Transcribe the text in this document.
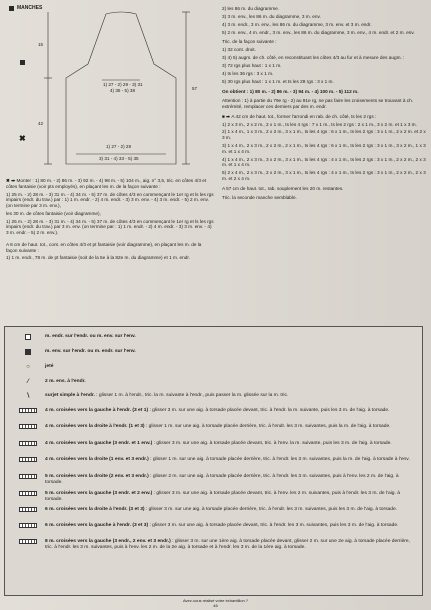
MANCHES
15
42
57
✖
1) 27 - 2) 29 - 3) 31
4) 35 - 5) 38
1) 27 - 2) 29
3) 31 - 4) 33 - 5) 35

✖ ➡ Monter : 1) 80 m. - 2) 86 m. - 3) 92 m. - 4) 98 m. - 5) 104 m., aig. n° 3,5, tric. en côtes 4/3 et côtes fantaisie (voir pts employés), en plaçant les m. de la façon suivante :

1) 25 m. - 2) 28 m. - 3) 31 m. - 4) 34 m. - 5) 37 m. de côtes 4/3 en commençant le 1er rg et ls les rgs impairs (endr. du trav.) par : 1) 1 m. endr. - 2) 4 m. endr. - 3) 3 m. env. - 4) 3 m. endr. - 5) 2 m. env. (on termine par 3 m. env.),

les 30 m. de côtes fantaisie (voir diagramme),

1) 25 m. - 2) 28 m. - 3) 31 m. - 4) 34 m. - 5) 37 m. de côtes 4/3 en commençant le 1er rg et ls les rgs impairs (endr. du trav.) par 3 m. env. (on termine par : 1) 1 m. endr. - 2) 4 m. endr. - 3) 3 m. env. - 4) 3 m. endr. - 5) 2 m. env.).

A 8 cm de haut. tot., cont. en côtes 4/3 et pt fantaisie (voir diagramme), en plaçant les m. de la façon suivante :

1) 1 m. endr., 78 m. de pt fantaisie (soit de la 5e à la 82e m. du diagramme) et 1 m. endr.

2) les 86 m. du diagramme.

3) 3 m. env., les 86 m. du diagramme, 3 m. env.

4) 3 m. endr., 3 m. env., les 86 m. du diagramme, 3 m. env. et 3 m. endr.

5) 2 m. env., 4 m. endr., 3 m. env., les 86 m. du diagramme, 3 m. env., 4 m. endr. et 2 m. env.

Tric. de la façon suivante :

1) 32 cont. droit.

3) 4) 5) augm. de ch. côté, en reconstituant les côtes 4/3 au fur et à mesure des augm. :

3) 72 rgs plus haut : 1 x 1 m.

4) ts les 36 rgs : 3 x 1 m.

5) 30 rgs plus haut : 1 x 1 m. et ts les 28 rgs : 3 x 1 m.

On obtient : 1) 80 m. - 2) 86 m. - 3) 94 m. - 4) 100 m. - 5) 112 m.

Attention : 1) à partie du 79e rg - 2) au 91e rg, ne pas faire les croisements se trouvant à ch. extrémité, remplacer ces derniers par des m. endr.

■ ➡ A 42 cm de haut. tot., former l'arrondi en rab. de ch. côté, ts les 2 rgs :

1) 2 x 3 m., 2 x 2 m., 2 x 1 m., ts les 4 rgs : 7 x 1 m., ts les 2 rgs : 2 x 1 m., 3 x 2 m. et 1 x 3 m.

2) 1 x 4 m., 1 x 3 m., 2 x 2 m., 3 x 1 m., ts les 4 rgs : 6 x 1 m., ts les 2 rgs : 3 x 1 m., 2 x 2 m. et 2 x 3 m.

3) 1 x 4 m., 2 x 3 m., 2 x 2 m., 2 x 1 m., ts les 4 rgs : 6 x 1 m., ts les 2 rgs : 3 x 1 m., 3 x 2 m., 1 x 3 m. et 1 x 4 m.

4) 1 x 4 m., 2 x 3 m., 3 x 2 m., 3 x 1 m., ts les 4 rgs : 4 x 1 m., ts les 2 rgs : 3 x 1 m., 2 x 2 m., 2 x 3 m. et 1 x 4 m.

5) 2 x 4 m., 2 x 3 m., 2 x 2 m., 3 x 1 m., ts les 4 rgs : 4 x 1 m., ts les 2 rgs : 3 x 1 m., 2 x 2 m., 2 x 3 m. et 2 x 4 m.

A 57 cm de haut. tot., rab. souplement les 20 m. restantes.

Tric. la seconde manche semblable.

m. endr. sur l'endr. ou m. env. sur l'env.
m. env. sur l'endr. ou m. endr. sur l'env.
○	jeté
⁄	2 m. ens. à l'endr.
∖	surjet simple à l'endr. : glisser 1 m. à l'endr., tric. la m. suivante à l'endr., puis passer la m. glissée sur la m. tric.
4 m. croisées vers la gauche à l'endr. (3 et 1) : glisser 3 m. sur une aig. à torsade placée devant, tric. à l'endr. la m. suivante, puis les 3 m. de l'aig. à torsade.
4 m. croisées vers la droite à l'endr. (1 et 3) : glisser 1 m. sur une aig. à torsade placée derrière, tric. à l'endr. les 3 m. suivantes, puis la m. de l'aig. à torsade.
4 m. croisées vers la gauche (3 endr. et 1 env.) : glisser 3 m. sur une aig. à torsade placée devant, tric. à l'env. la m. suivante, puis les 3 m. de l'aig. à torsade.
4 m. croisées vers la droite (1 env. et 3 endr.) : glisser 1 m. sur une aig. à torsade placée derrière, tric. à l'endr. les 3 m. suivantes, puis la m. de l'aig. à torsade à l'env.
5 m. croisées vers la droite (2 env. et 3 endr.) : glisser 2 m. sur une aig. à torsade placée derrière, tric. à l'endr. les 3 m. suivantes, puis à l'env. les 2 m. de l'aig. à torsade.
5 m. croisées vers la gauche (3 endr. et 2 env.) : glisser 3 m. sur une aig. à torsade placée devant, tric. à l'env. les 2 m. suivantes, puis à l'endr. les 3 m. de l'aig. à torsade.
6 m. croisées vers la droite à l'endr. (3 et 3) : glisser 3 m. sur une aig. à torsade placée derrière, tric. à l'endr. les 3 m. suivantes, puis les 3 m. de l'aig. à torsade.
6 m. croisées vers la gauche à l'endr. (3 et 3) : glisser 3 m. sur une aig. à torsade placée devant, tric. à l'endr. les 3 m. suivantes, puis les 3 m. de l'aig. à torsade.
8 m. croisées vers la gauche (3 endr., 2 env. et 3 endr.) : glisser 3 m. sur une 1ère aig. à torsade placée devant, glisser 2 m. sur une 2e aig. à torsade placée derrière, tric. à l'endr. les 3 m. suivantes, puis à l'env. les 2 m. de la 2e aig. à torsade et à l'endr. les 3 m. de la 1ère aig. à torsade.
Avez-vous réalisé votre échantillon ?
46
